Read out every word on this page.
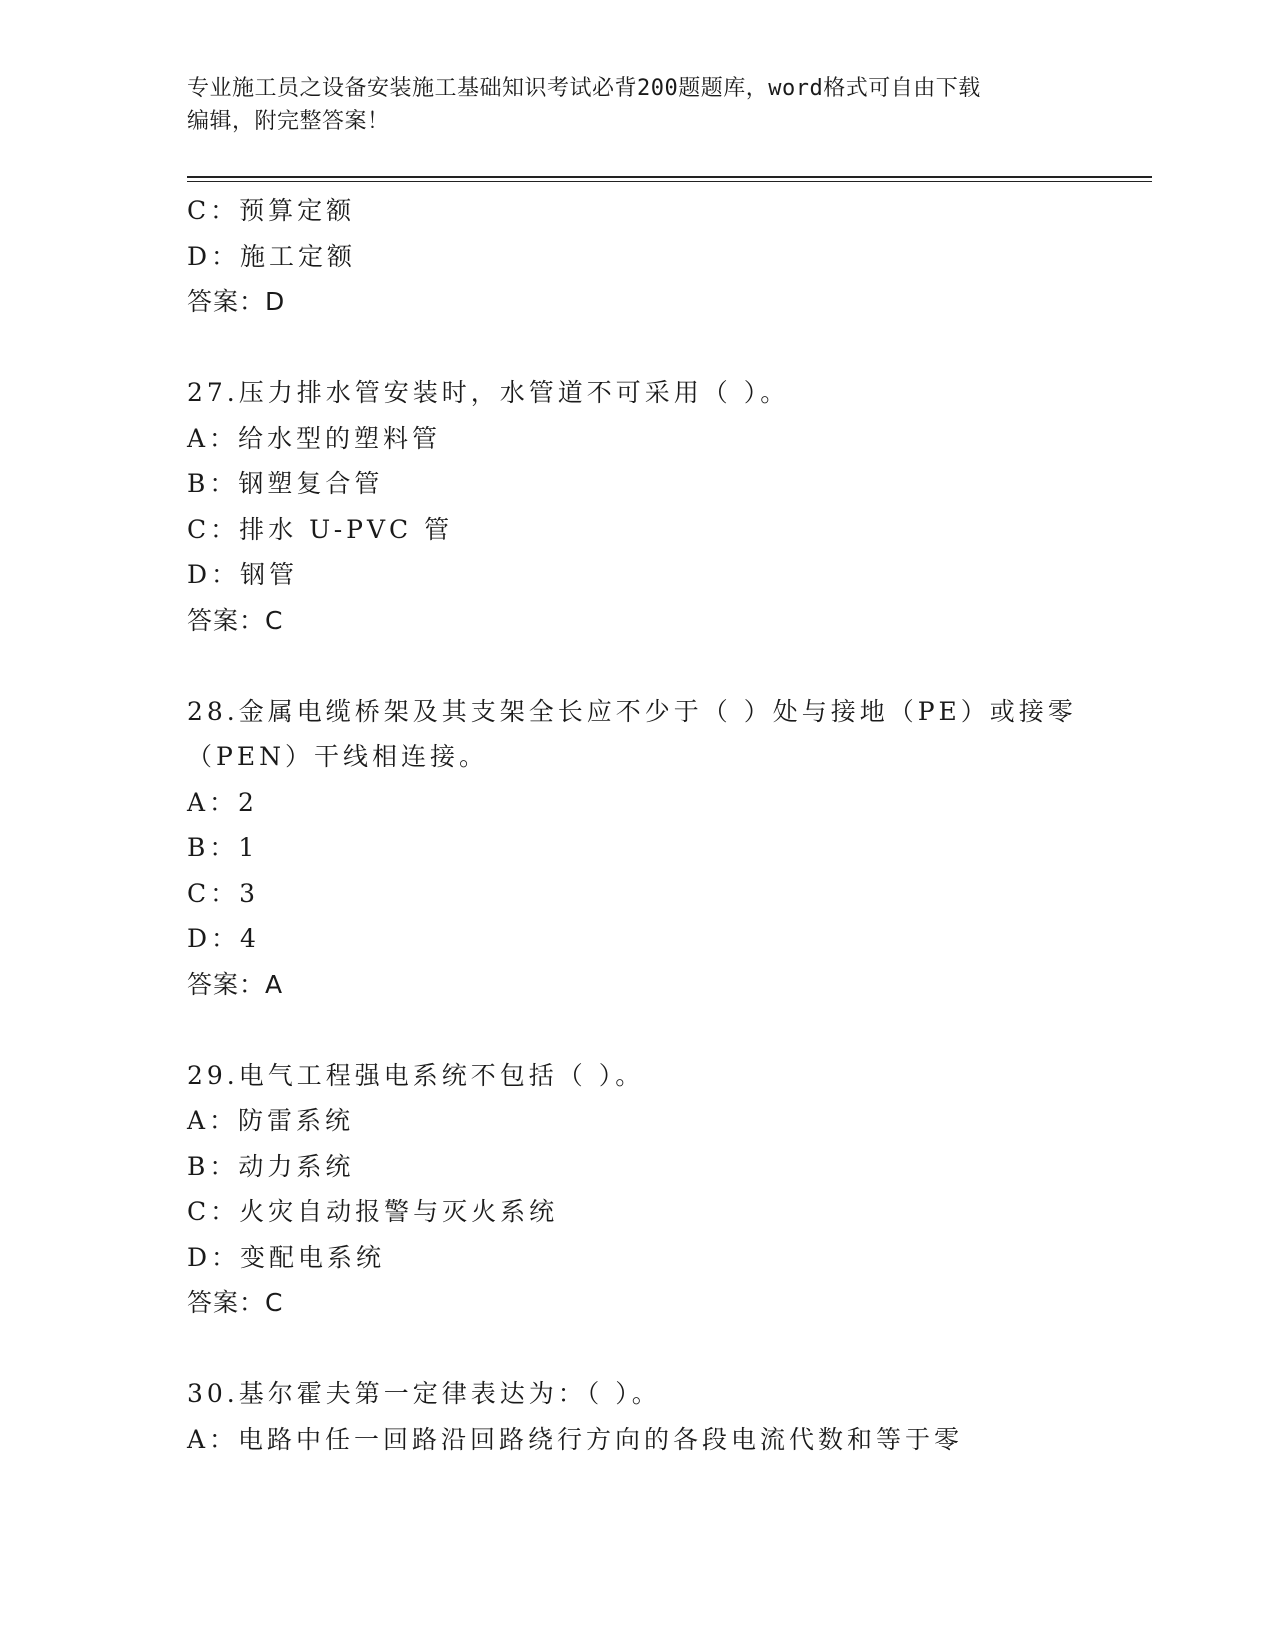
专业施工员之设备安装施工基础知识考试必背200题题库，word格式可自由下载
编辑，附完整答案！
C：预算定额
D：施工定额
答案：D
27.压力排水管安装时，水管道不可采用（ ）。
A：给水型的塑料管
B：钢塑复合管
C：排水 U-PVC 管
D：钢管
答案：C
28.金属电缆桥架及其支架全长应不少于（ ）处与接地（PE）或接零
（PEN）干线相连接。
A：2
B：1
C：3
D：4
答案：A
29.电气工程强电系统不包括（ ）。
A：防雷系统
B：动力系统
C：火灾自动报警与灭火系统
D：变配电系统
答案：C
30.基尔霍夫第一定律表达为：（ ）。
A：电路中任一回路沿回路绕行方向的各段电流代数和等于零
